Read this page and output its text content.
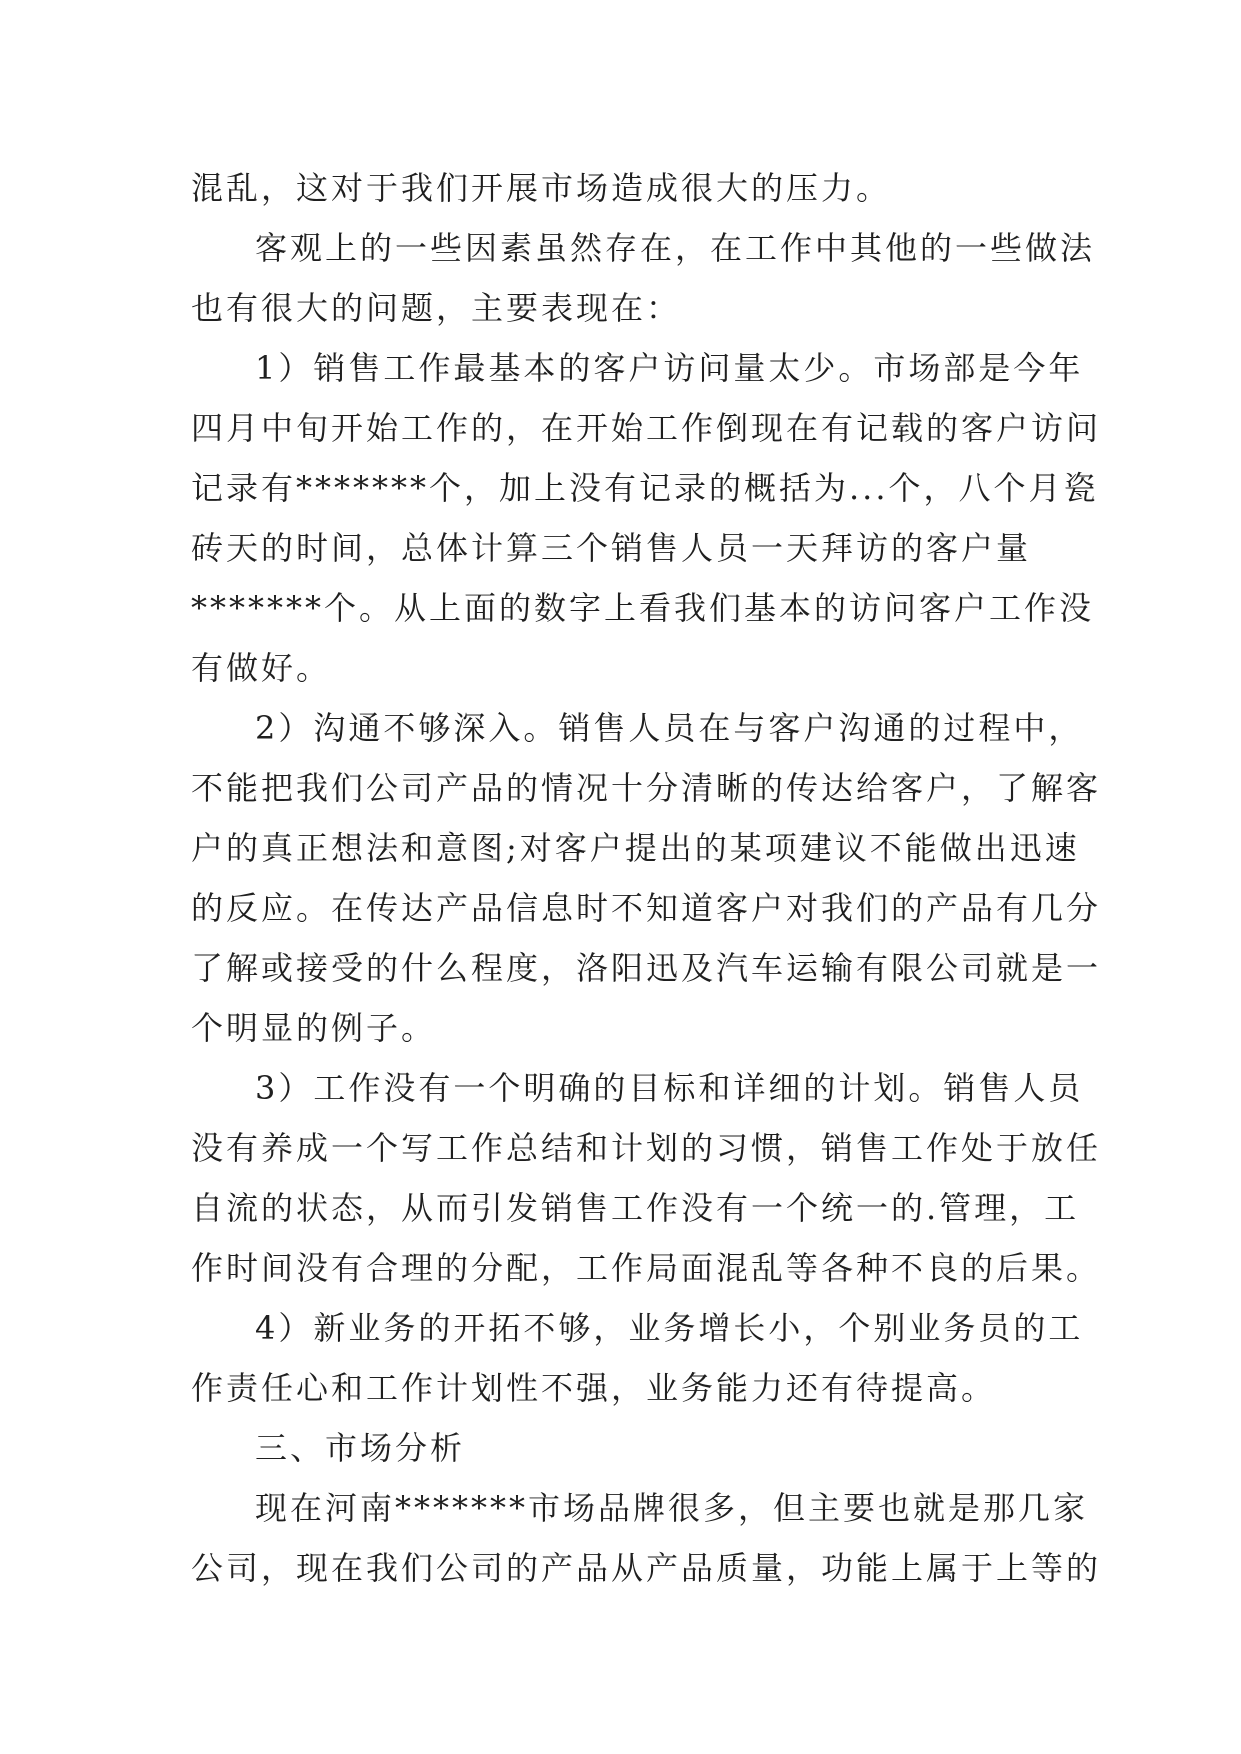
混乱，这对于我们开展市场造成很大的压力。
客观上的一些因素虽然存在，在工作中其他的一些做法
也有很大的问题，主要表现在：
1）销售工作最基本的客户访问量太少。市场部是今年
四月中旬开始工作的，在开始工作倒现在有记载的客户访问
记录有*******个，加上没有记录的概括为...个，八个月瓷
砖天的时间，总体计算三个销售人员一天拜访的客户量
*******个。从上面的数字上看我们基本的访问客户工作没
有做好。
2）沟通不够深入。销售人员在与客户沟通的过程中，
不能把我们公司产品的情况十分清晰的传达给客户，了解客
户的真正想法和意图;对客户提出的某项建议不能做出迅速
的反应。在传达产品信息时不知道客户对我们的产品有几分
了解或接受的什么程度，洛阳迅及汽车运输有限公司就是一
个明显的例子。
3）工作没有一个明确的目标和详细的计划。销售人员
没有养成一个写工作总结和计划的习惯，销售工作处于放任
自流的状态，从而引发销售工作没有一个统一的.管理，工
作时间没有合理的分配，工作局面混乱等各种不良的后果。
4）新业务的开拓不够，业务增长小，个别业务员的工
作责任心和工作计划性不强，业务能力还有待提高。
三、市场分析
现在河南*******市场品牌很多，但主要也就是那几家
公司，现在我们公司的产品从产品质量，功能上属于上等的
